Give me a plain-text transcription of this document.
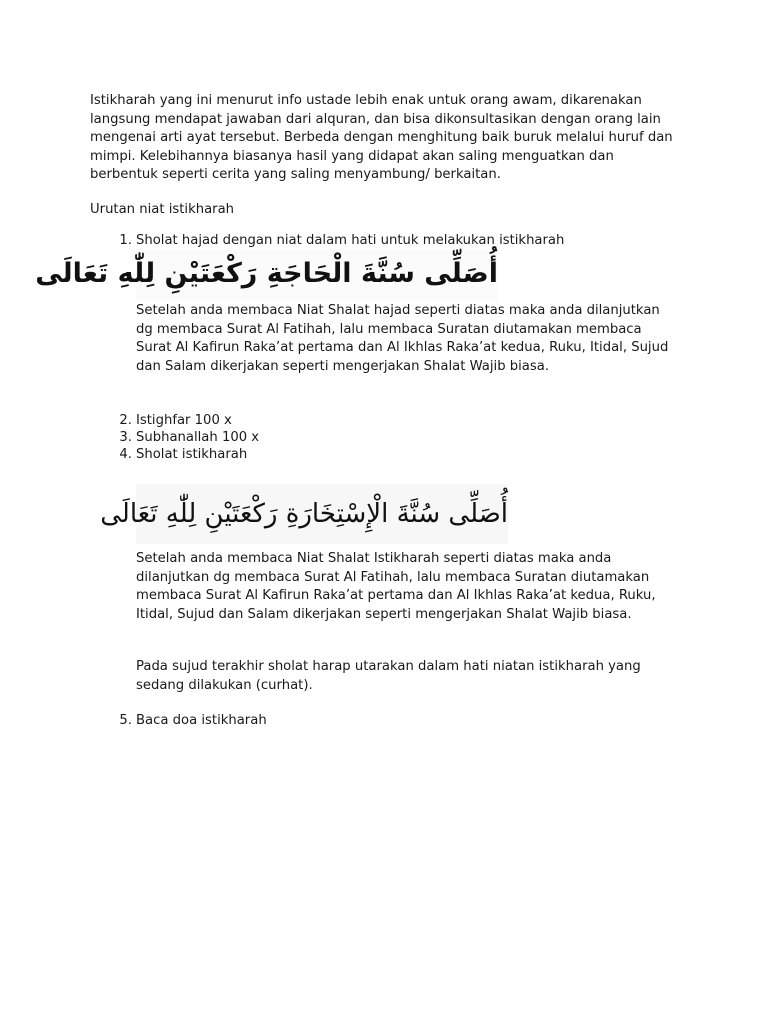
Istikharah yang ini menurut info ustade lebih enak untuk orang awam, dikarenakan langsung mendapat jawaban dari alquran, dan bisa dikonsultasikan dengan orang lain mengenai arti ayat tersebut. Berbeda dengan menghitung baik buruk melalui huruf dan mimpi. Kelebihannya biasanya hasil yang didapat akan saling menguatkan dan berbentuk seperti cerita yang saling menyambung/ berkaitan.

Urutan niat istikharah

1. Sholat hajad dengan niat dalam hati untuk melakukan istikharah
أُصَلِّى سُنَّةَ الْحَاجَةِ رَكْعَتَيْنِ لِلّٰهِ تَعَالَى

Setelah anda membaca Niat Shalat hajad seperti diatas maka anda dilanjutkan dg membaca Surat Al Fatihah, lalu membaca Suratan diutamakan membaca Surat Al Kafirun Raka’at pertama dan Al Ikhlas Raka’at kedua, Ruku, Itidal, Sujud dan Salam dikerjakan seperti mengerjakan Shalat Wajib biasa.

2. Istighfar 100 x
3. Subhanallah 100 x
4. Sholat istikharah
أُصَلِّى سُنَّةَ الْإِسْتِخَارَةِ رَكْعَتَيْنِ لِلّٰهِ تَعَالَى

Setelah anda membaca Niat Shalat Istikharah seperti diatas maka anda dilanjutkan dg membaca Surat Al Fatihah, lalu membaca Suratan diutamakan membaca Surat Al Kafirun Raka’at pertama dan Al Ikhlas Raka’at kedua, Ruku, Itidal, Sujud dan Salam dikerjakan seperti mengerjakan Shalat Wajib biasa.

Pada sujud terakhir sholat harap utarakan dalam hati niatan istikharah yang sedang dilakukan (curhat).

5. Baca doa istikharah
